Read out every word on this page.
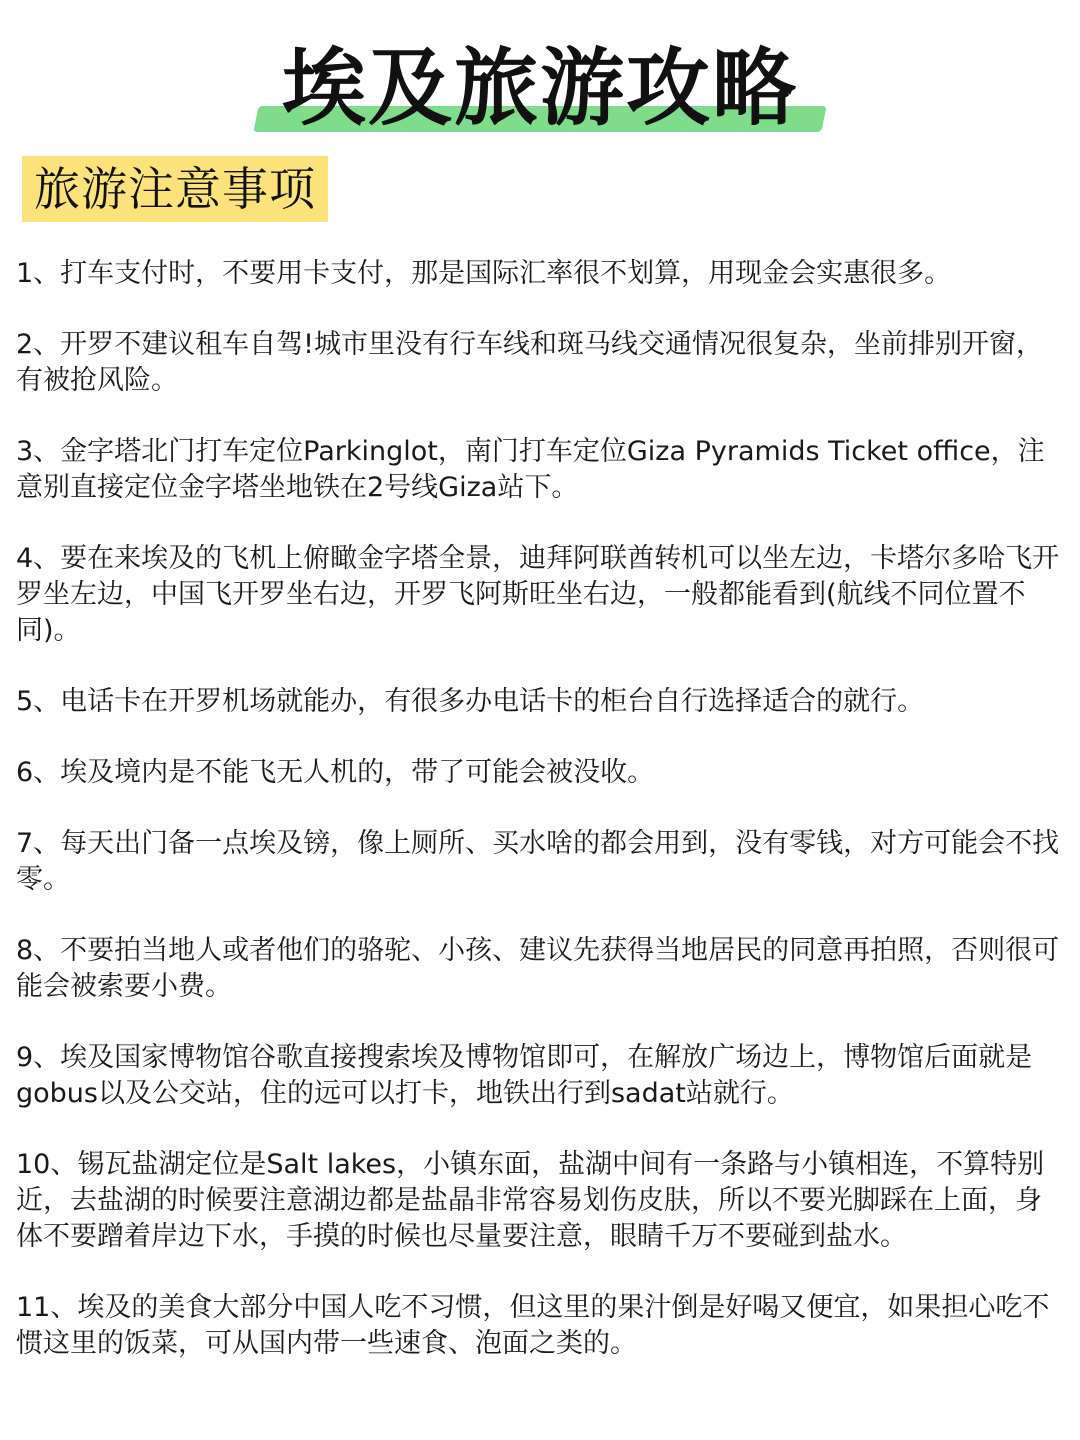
埃及旅游攻略
旅游注意事项
1、打车支付时，不要用卡支付，那是国际汇率很不划算，用现金会实惠很多。
2、开罗不建议租车自驾!城市里没有行车线和斑马线交通情况很复杂，坐前排别开窗，有被抢风险。
3、金字塔北门打车定位Parkinglot，南门打车定位Giza Pyramids Ticket office，注意别直接定位金字塔坐地铁在2号线Giza站下。
4、要在来埃及的飞机上俯瞰金字塔全景，迪拜阿联酋转机可以坐左边，卡塔尔多哈飞开罗坐左边，中国飞开罗坐右边，开罗飞阿斯旺坐右边，一般都能看到(航线不同位置不同)。
5、电话卡在开罗机场就能办，有很多办电话卡的柜台自行选择适合的就行。
6、埃及境内是不能飞无人机的，带了可能会被没收。
7、每天出门备一点埃及镑，像上厕所、买水啥的都会用到，没有零钱，对方可能会不找零。
8、不要拍当地人或者他们的骆驼、小孩、建议先获得当地居民的同意再拍照，否则很可能会被索要小费。
9、埃及国家博物馆谷歌直接搜索埃及博物馆即可，在解放广场边上，博物馆后面就是gobus以及公交站，住的远可以打卡，地铁出行到sadat站就行。
10、锡瓦盐湖定位是Salt lakes，小镇东面，盐湖中间有一条路与小镇相连，不算特别近，去盐湖的时候要注意湖边都是盐晶非常容易划伤皮肤，所以不要光脚踩在上面，身体不要蹭着岸边下水，手摸的时候也尽量要注意，眼睛千万不要碰到盐水。
11、埃及的美食大部分中国人吃不习惯，但这里的果汁倒是好喝又便宜，如果担心吃不惯这里的饭菜，可从国内带一些速食、泡面之类的。
